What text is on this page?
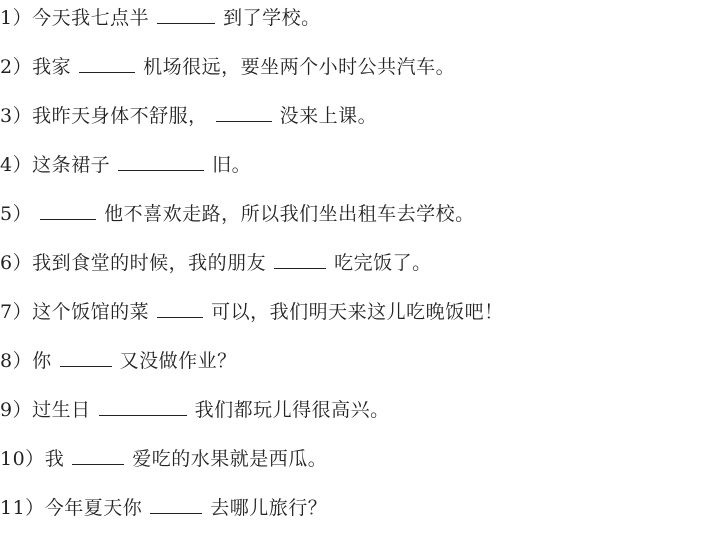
1）今天我七点半	到了学校。
2）我家	机场很远，要坐两个小时公共汽车。
3）我昨天身体不舒服，	没来上课。
4）这条裙子	旧。
5）	他不喜欢走路，所以我们坐出租车去学校。
6）我到食堂的时候，我的朋友	吃完饭了。
7）这个饭馆的菜	可以，我们明天来这儿吃晚饭吧！
8）你	又没做作业？
9）过生日	我们都玩儿得很高兴。
10）我	爱吃的水果就是西瓜。
11）今年夏天你	去哪儿旅行？
